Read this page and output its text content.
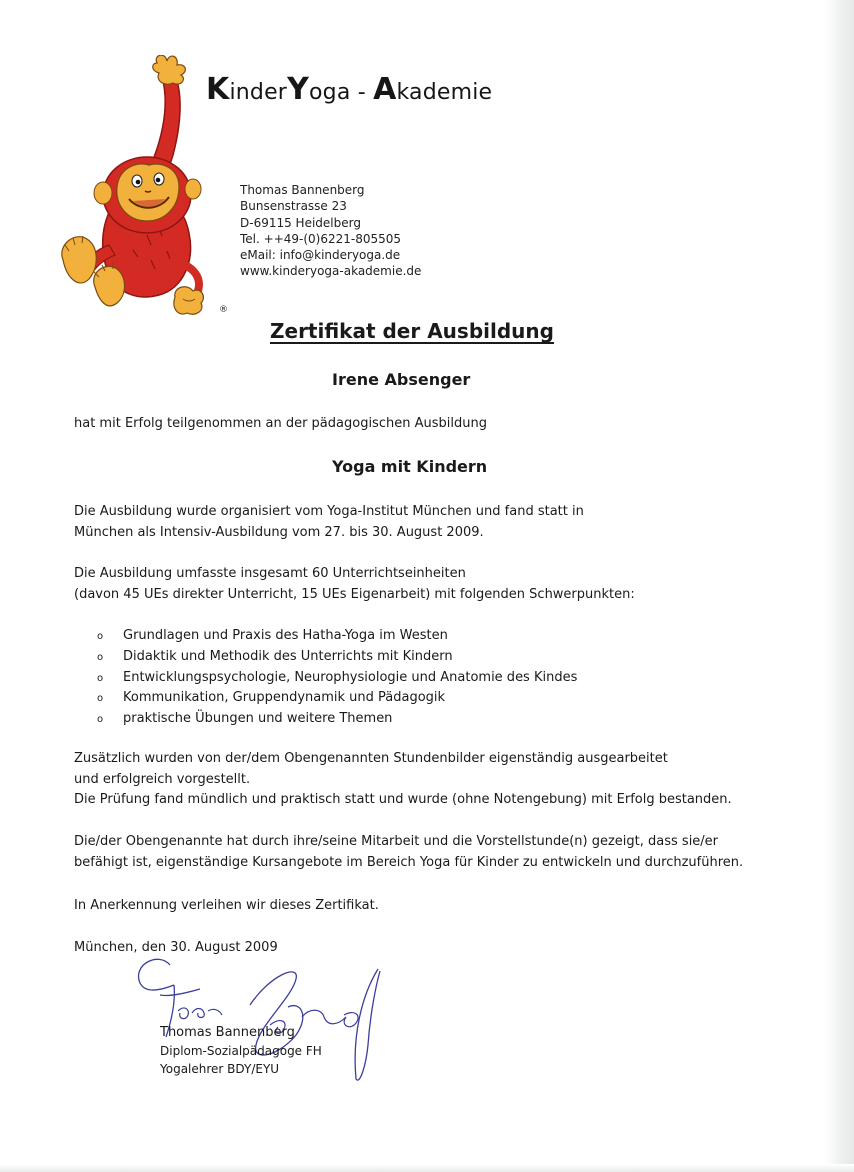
KinderYoga - Akademie
®
Thomas Bannenberg
Bunsenstrasse 23
D-69115 Heidelberg
Tel. ++49-(0)6221-805505
eMail: info@kinderyoga.de
www.kinderyoga-akademie.de
Zertifikat der Ausbildung
Irene Absenger
hat mit Erfolg teilgenommen an der pädagogischen Ausbildung
Yoga mit Kindern
Die Ausbildung wurde organisiert vom Yoga-Institut München und fand statt in
München als Intensiv-Ausbildung vom 27. bis 30. August 2009.
Die Ausbildung umfasste insgesamt 60 Unterrichtseinheiten
(davon 45 UEs direkter Unterricht, 15 UEs Eigenarbeit) mit folgenden Schwerpunkten:
o Grundlagen und Praxis des Hatha-Yoga im Westen
o Didaktik und Methodik des Unterrichts mit Kindern
o Entwicklungspsychologie, Neurophysiologie und Anatomie des Kindes
o Kommunikation, Gruppendynamik und Pädagogik
o praktische Übungen und weitere Themen
Zusätzlich wurden von der/dem Obengenannten Stundenbilder eigenständig ausgearbeitet
und erfolgreich vorgestellt.
Die Prüfung fand mündlich und praktisch statt und wurde (ohne Notengebung) mit Erfolg bestanden.
Die/der Obengenannte hat durch ihre/seine Mitarbeit und die Vorstellstunde(n) gezeigt, dass sie/er
befähigt ist, eigenständige Kursangebote im Bereich Yoga für Kinder zu entwickeln und durchzuführen.
In Anerkennung verleihen wir dieses Zertifikat.
München, den 30. August 2009
Thomas Bannenberg
Diplom-Sozialpädagoge FH
Yogalehrer BDY/EYU
